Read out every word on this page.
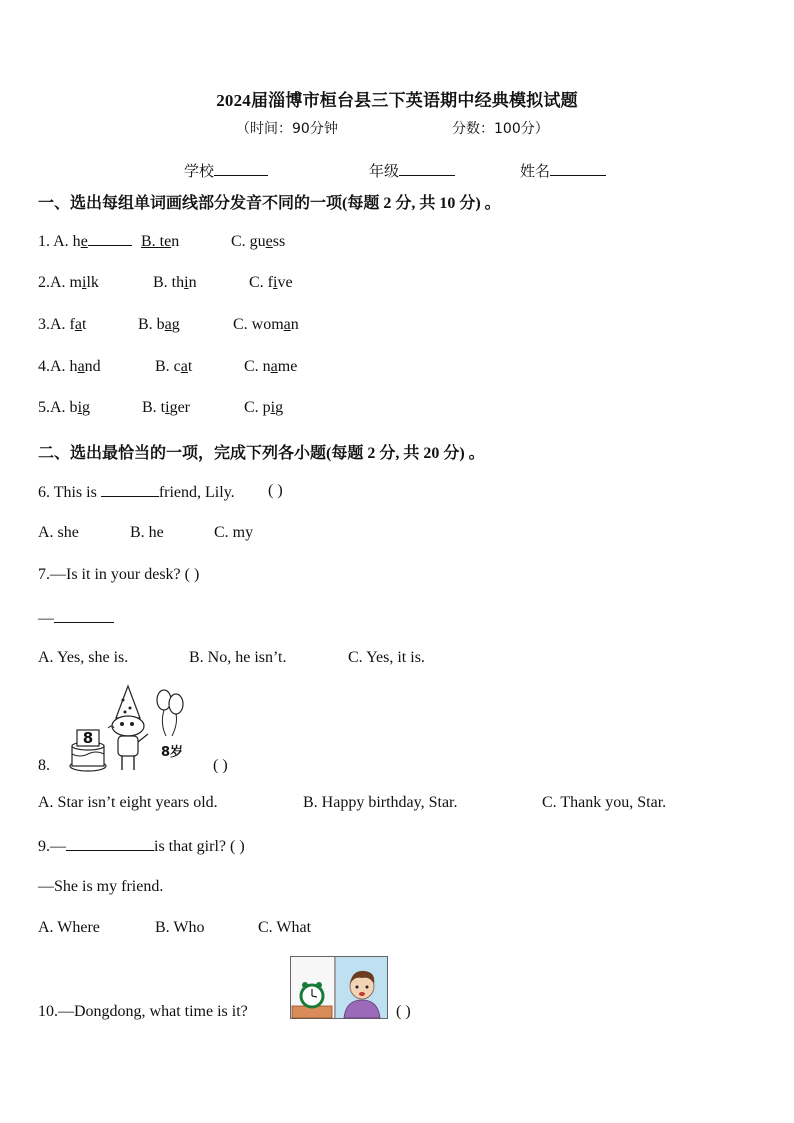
2024届淄博市桓台县三下英语期中经典模拟试题
（时间：90分钟	分数：100分）
学校	年级	姓名
一、选出每组单词画线部分发音不同的一项(每题 2 分, 共 10 分) 。
1. A. he	B. ten	C. guess
2.A. milk	B. thin	C. five
3.A. fat	B. bag	C. woman
4.A. hand	B. cat	C. name
5.A. big	B. tiger	C. pig
二、选出最恰当的一项，完成下列各小题(每题 2 分, 共 20 分) 。
6. This is	friend, Lily. ( )
A. she	B. he	C. my
7.—Is it in your desk? ( )
—
A. Yes, she is.	B. No, he isn’t.	C. Yes, it is.
8.
8
8岁
( )
A. Star isn’t eight years old.	B. Happy birthday, Star.	C. Thank you, Star.
9.—	is that girl? ( )
—She is my friend.
A. Where	B. Who	C. What
10.—Dongdong, what time is it?	( )
